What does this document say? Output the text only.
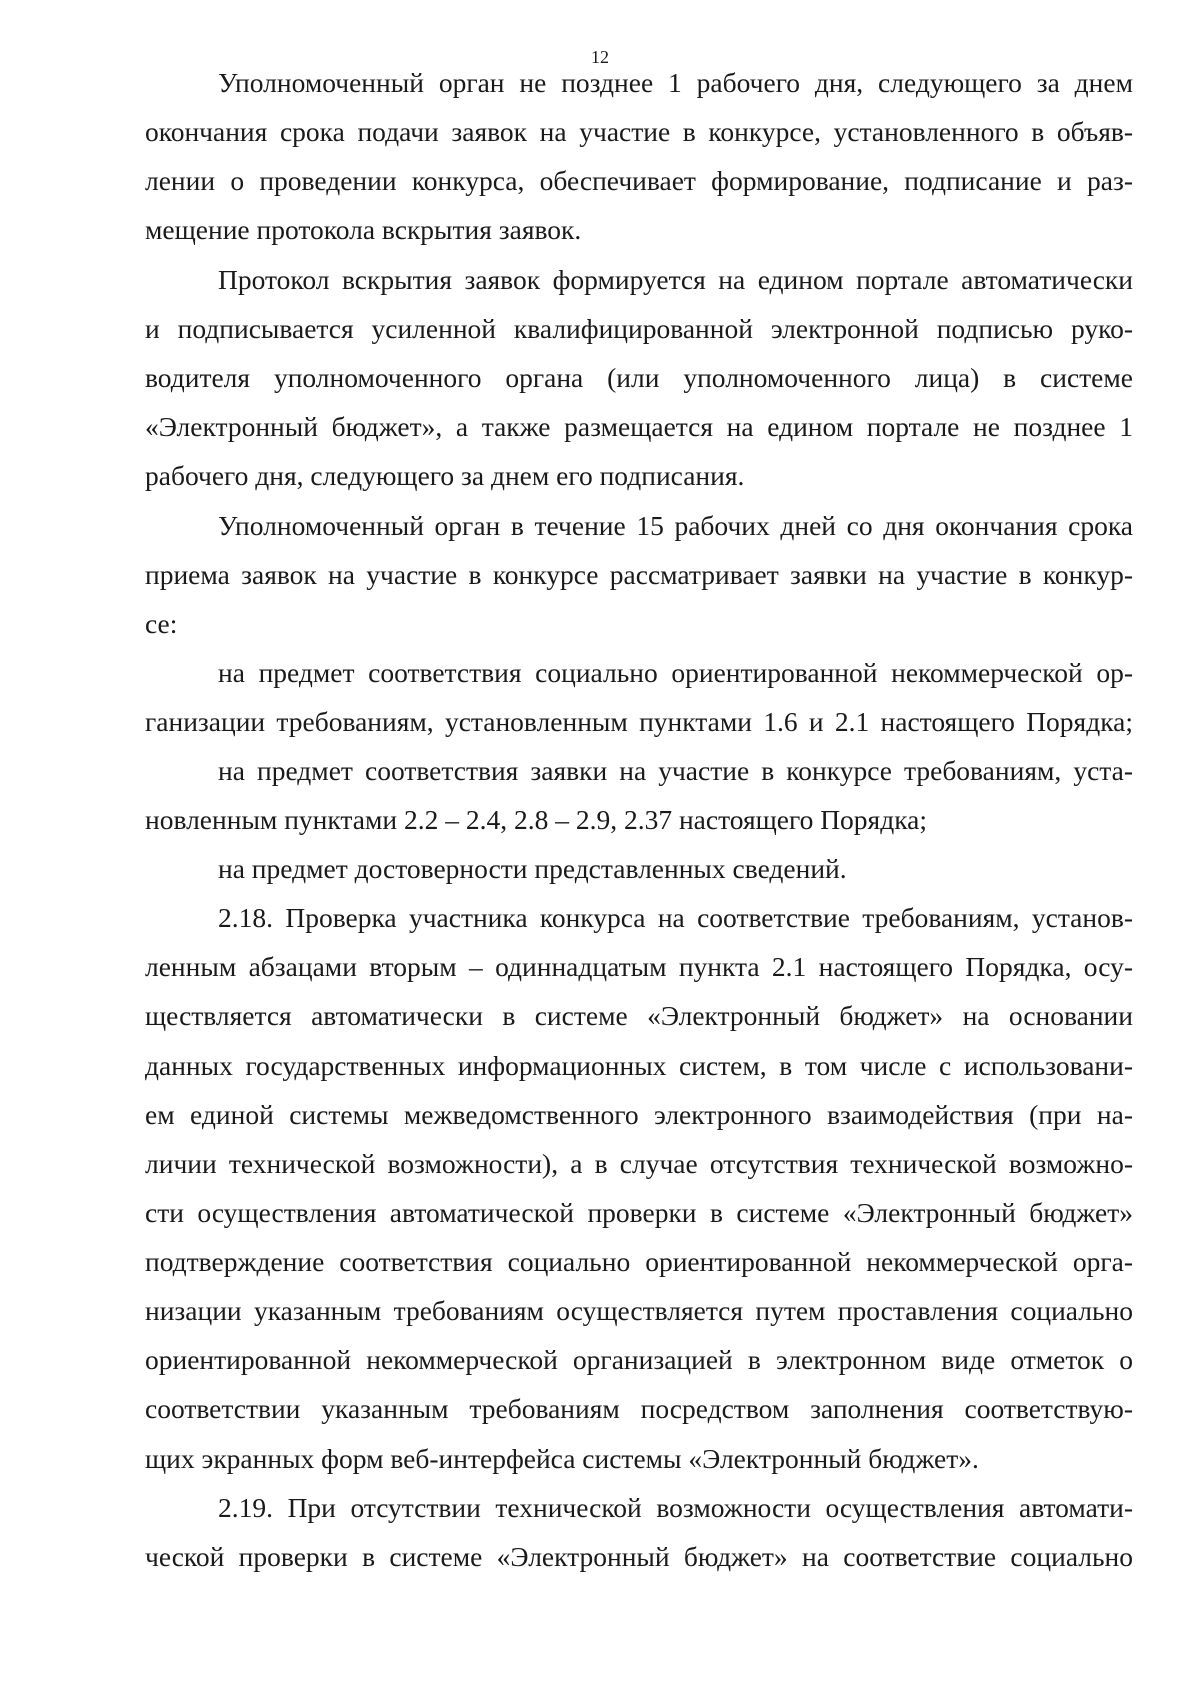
12
Уполномоченный орган не позднее 1 рабочего дня, следующего за днем
окончания срока подачи заявок на участие в конкурсе, установленного в объяв-
лении о проведении конкурса, обеспечивает формирование, подписание и раз-
мещение протокола вскрытия заявок.
Протокол вскрытия заявок формируется на едином портале автоматически
и подписывается усиленной квалифицированной электронной подписью руко-
водителя уполномоченного органа (или уполномоченного лица) в системе
«Электронный бюджет», а также размещается на едином портале не позднее 1
рабочего дня, следующего за днем его подписания.
Уполномоченный орган в течение 15 рабочих дней со дня окончания срока
приема заявок на участие в конкурсе рассматривает заявки на участие в конкур-
се:
на предмет соответствия социально ориентированной некоммерческой ор-
ганизации требованиям, установленным пунктами 1.6 и 2.1 настоящего Порядка;
на предмет соответствия заявки на участие в конкурсе требованиям, уста-
новленным пунктами 2.2 – 2.4, 2.8 – 2.9, 2.37 настоящего Порядка;
на предмет достоверности представленных сведений.
2.18. Проверка участника конкурса на соответствие требованиям, установ-
ленным абзацами вторым – одиннадцатым пункта 2.1 настоящего Порядка, осу-
ществляется автоматически в системе «Электронный бюджет» на основании
данных государственных информационных систем, в том числе с использовани-
ем единой системы межведомственного электронного взаимодействия (при на-
личии технической возможности), а в случае отсутствия технической возможно-
сти осуществления автоматической проверки в системе «Электронный бюджет»
подтверждение соответствия социально ориентированной некоммерческой орга-
низации указанным требованиям осуществляется путем проставления социально
ориентированной некоммерческой организацией в электронном виде отметок о
соответствии указанным требованиям посредством заполнения соответствую-
щих экранных форм веб-интерфейса системы «Электронный бюджет».
2.19. При отсутствии технической возможности осуществления автомати-
ческой проверки в системе «Электронный бюджет» на соответствие социально
